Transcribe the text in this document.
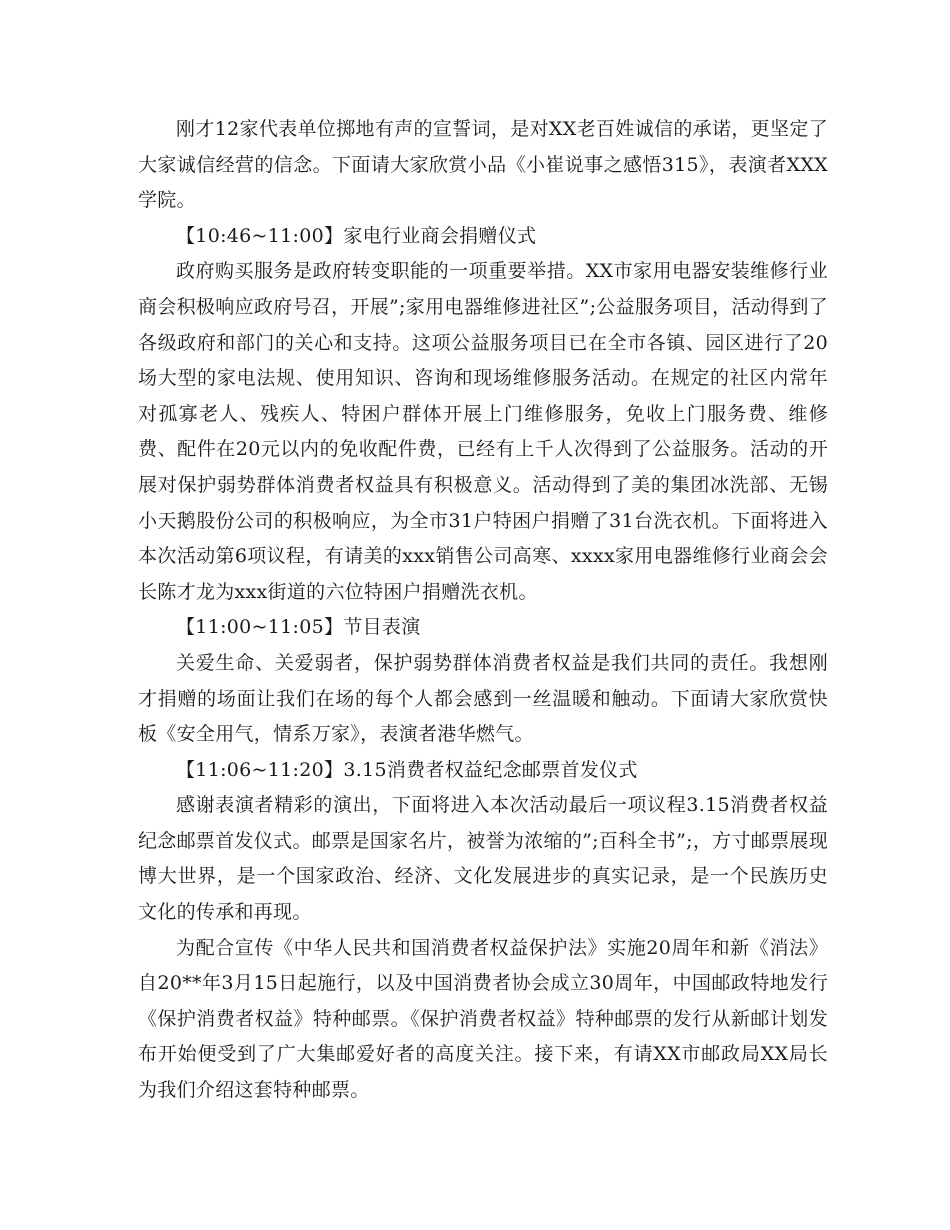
刚才12家代表单位掷地有声的宣誓词，是对XX老百姓诚信的承诺，更坚定了大家诚信经营的信念。下面请大家欣赏小品《小崔说事之感悟315》，表演者XXX学院。

【10:46~11:00】家电行业商会捐赠仪式

政府购买服务是政府转变职能的一项重要举措。XX市家用电器安装维修行业商会积极响应政府号召，开展”;家用电器维修进社区”;公益服务项目，活动得到了各级政府和部门的关心和支持。这项公益服务项目已在全市各镇、园区进行了20场大型的家电法规、使用知识、咨询和现场维修服务活动。在规定的社区内常年对孤寡老人、残疾人、特困户群体开展上门维修服务，免收上门服务费、维修费、配件在20元以内的免收配件费，已经有上千人次得到了公益服务。活动的开展对保护弱势群体消费者权益具有积极意义。活动得到了美的集团冰洗部、无锡小天鹅股份公司的积极响应，为全市31户特困户捐赠了31台洗衣机。下面将进入本次活动第6项议程，有请美的xxx销售公司高寒、xxxx家用电器维修行业商会会长陈才龙为xxx街道的六位特困户捐赠洗衣机。

【11:00~11:05】节目表演

关爱生命、关爱弱者，保护弱势群体消费者权益是我们共同的责任。我想刚才捐赠的场面让我们在场的每个人都会感到一丝温暖和触动。下面请大家欣赏快板《安全用气，情系万家》，表演者港华燃气。

【11:06~11:20】3.15消费者权益纪念邮票首发仪式

感谢表演者精彩的演出，下面将进入本次活动最后一项议程3.15消费者权益纪念邮票首发仪式。邮票是国家名片，被誉为浓缩的”;百科全书”;，方寸邮票展现博大世界，是一个国家政治、经济、文化发展进步的真实记录，是一个民族历史文化的传承和再现。

为配合宣传《中华人民共和国消费者权益保护法》实施20周年和新《消法》自20**年3月15日起施行，以及中国消费者协会成立30周年，中国邮政特地发行《保护消费者权益》特种邮票。《保护消费者权益》特种邮票的发行从新邮计划发布开始便受到了广大集邮爱好者的高度关注。接下来，有请XX市邮政局XX局长为我们介绍这套特种邮票。
